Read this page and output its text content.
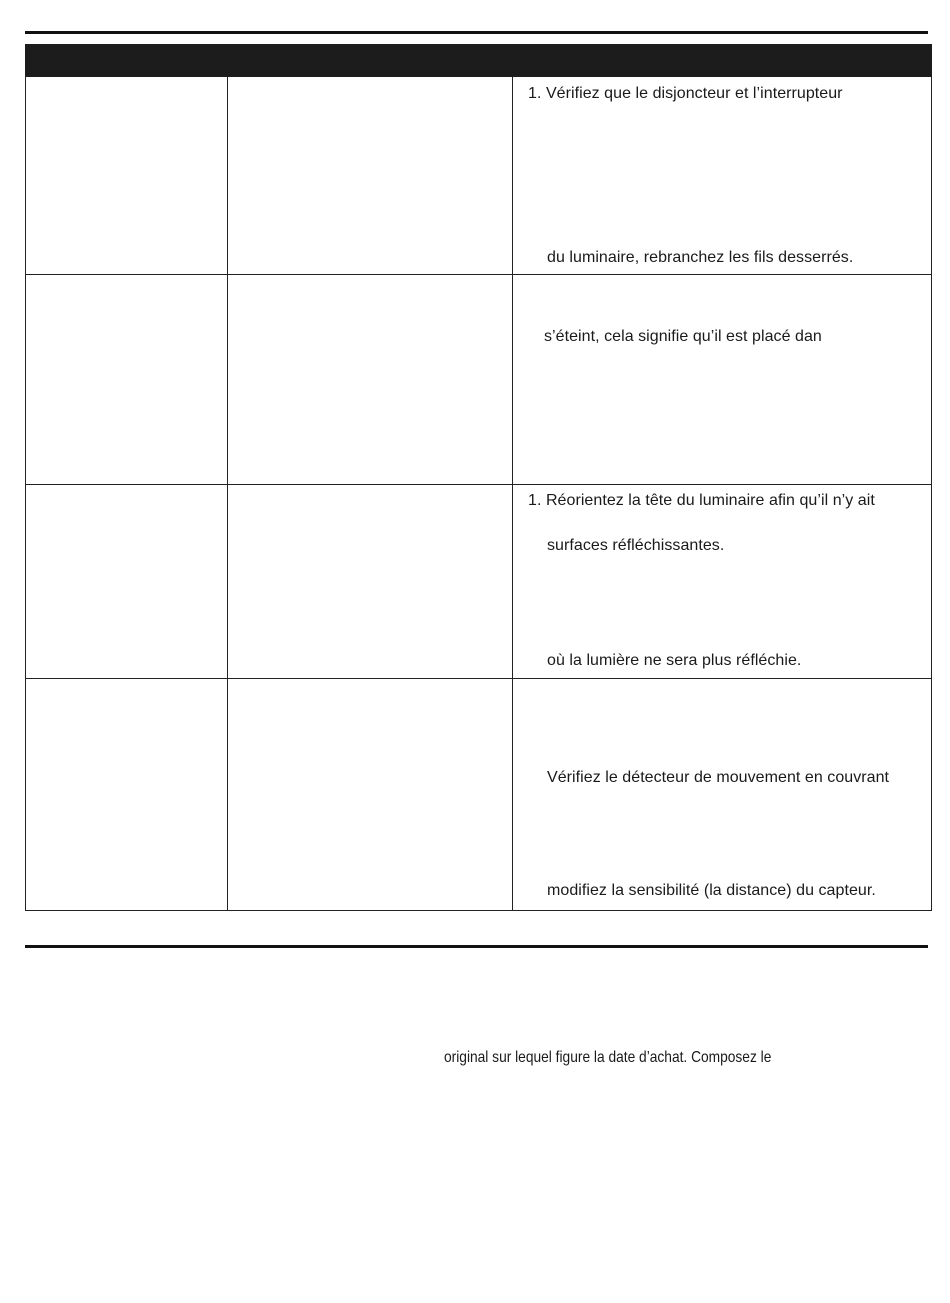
		1. Vérifiez que le disjoncteur et l’interrupteur
du luminaire, rebranchez les fils desserrés.

		s’éteint, cela signifie qu’il est placé dan

		1. Réorientez la tête du luminaire afin qu’il n’y ait
surfaces réfléchissantes.
où la lumière ne sera plus réfléchie.

		Vérifiez le détecteur de mouvement en couvrant
modifiez la sensibilité (la distance) du capteur.
original sur lequel figure la date d’achat. Composez le
